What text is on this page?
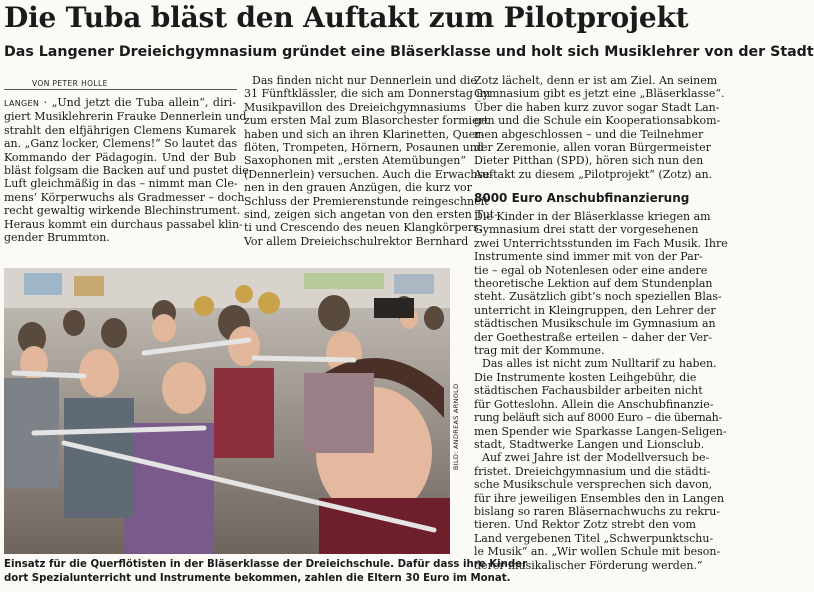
Die Tuba bläst den Auftakt zum Pilotprojekt
Das Langener Dreieichgymnasium gründet eine Bläserklasse und holt sich Musiklehrer von der Stadt
VON PETER HOLLE
LANGEN · „Und jetzt die Tuba allein“, diri-
giert Musiklehrerin Frauke Dennerlein und
strahlt den elfjährigen Clemens Kumarek
an. „Ganz locker, Clemens!“ So lautet das
Kommando der Pädagogin. Und der Bub
bläst folgsam die Backen auf und pustet die
Luft gleichmäßig in das – nimmt man Cle-
mens’ Körperwuchs als Gradmesser – doch
recht gewaltig wirkende Blechinstrument.
Heraus kommt ein durchaus passabel klin-
gender Brummton.
Das finden nicht nur Dennerlein und die
31 Fünftklässler, die sich am Donnerstag im
Musikpavillon des Dreieichgymnasiums
zum ersten Mal zum Blasorchester formiert
haben und sich an ihren Klarinetten, Quer-
flöten, Trompeten, Hörnern, Posaunen und
Saxophonen mit „ersten Atemübungen“
(Dennerlein) versuchen. Auch die Erwachse-
nen in den grauen Anzügen, die kurz vor
Schluss der Premierenstunde reingeschneit
sind, zeigen sich angetan von den ersten Tut-
ti und Crescendo des neuen Klangkörpers.
Vor allem Dreieichschulrektor Bernhard
Zotz lächelt, denn er ist am Ziel. An seinem
Gymnasium gibt es jetzt eine „Bläserklasse“.
Über die haben kurz zuvor sogar Stadt Lan-
gen und die Schule ein Kooperationsabkom-
men abgeschlossen – und die Teilnehmer
der Zeremonie, allen voran Bürgermeister
Dieter Pitthan (SPD), hören sich nun den
Auftakt zu diesem „Pilotprojekt“ (Zotz) an.
8000 Euro Anschubfinanzierung
Die Kinder in der Bläserklasse kriegen am
Gymnasium drei statt der vorgesehenen
zwei Unterrichtsstunden im Fach Musik. Ihre
Instrumente sind immer mit von der Par-
tie – egal ob Notenlesen oder eine andere
theoretische Lektion auf dem Stundenplan
steht. Zusätzlich gibt’s noch speziellen Blas-
unterricht in Kleingruppen, den Lehrer der
städtischen Musikschule im Gymnasium an
der Goethestraße erteilen – daher der Ver-
trag mit der Kommune.
Das alles ist nicht zum Nulltarif zu haben.
Die Instrumente kosten Leihgebühr, die
städtischen Fachausbilder arbeiten nicht
für Gotteslohn. Allein die Anschubfinanzie-
rung beläuft sich auf 8000 Euro – die übernah-
men Spender wie Sparkasse Langen-Seligen-
stadt, Stadtwerke Langen und Lionsclub.
Auf zwei Jahre ist der Modellversuch be-
fristet. Dreieichgymnasium und die städti-
sche Musikschule versprechen sich davon,
für ihre jeweiligen Ensembles den in Langen
bislang so raren Bläsernachwuchs zu rekru-
tieren. Und Rektor Zotz strebt den vom
Land vergebenen Titel „Schwerpunktschu-
le Musik“ an. „Wir wollen Schule mit beson-
derer musikalischer Förderung werden.“
BILD: ANDREAS ARNOLD
Einsatz für die Querflötisten in der Bläserklasse der Dreieichschule. Dafür dass ihre Kinder
dort Spezialunterricht und Instrumente bekommen, zahlen die Eltern 30 Euro im Monat.
